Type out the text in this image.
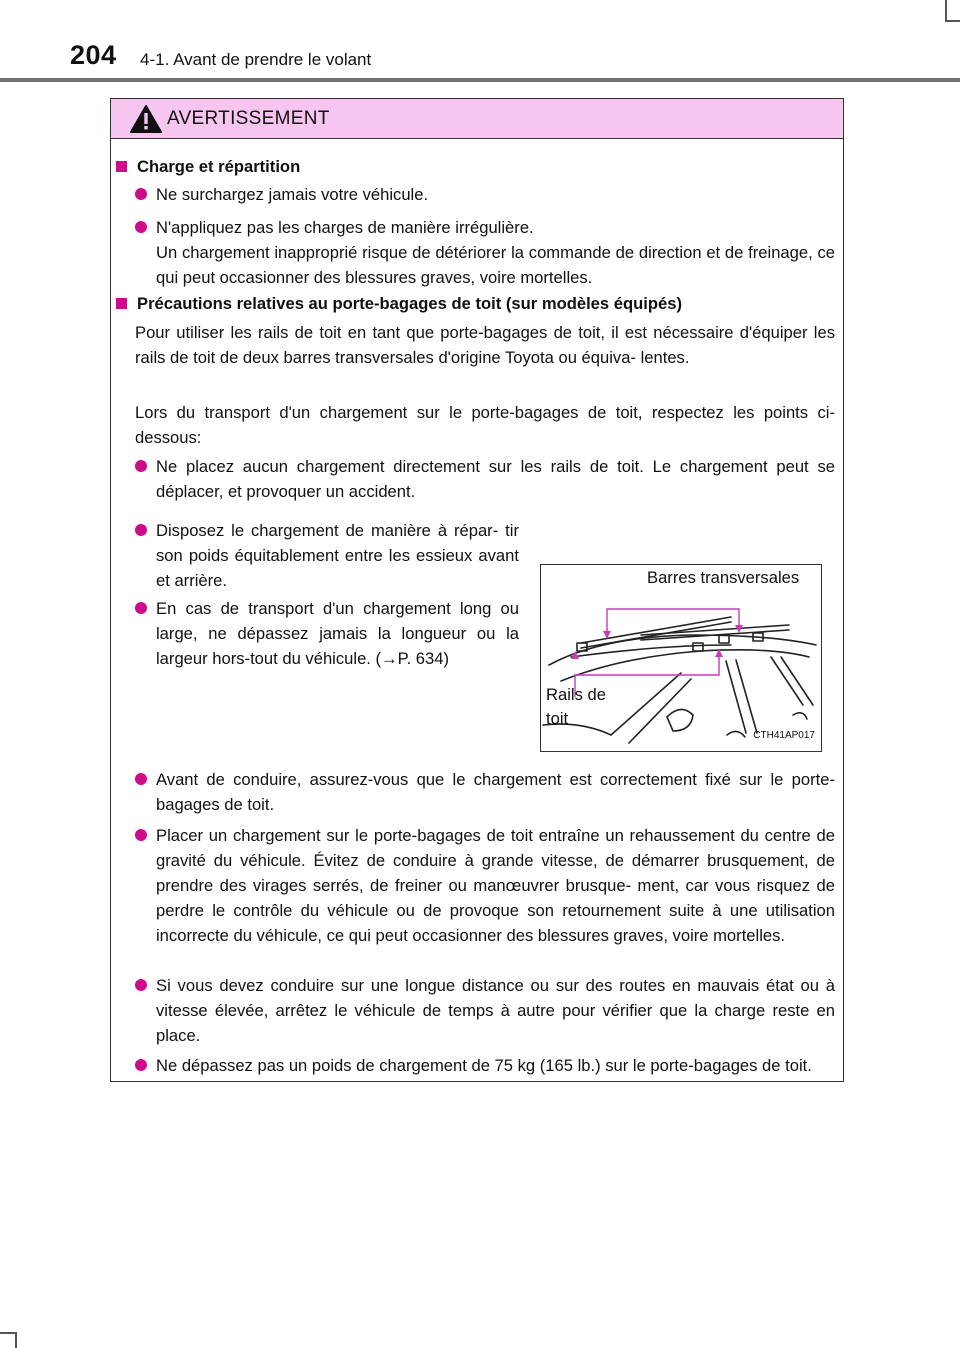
204 4-1. Avant de prendre le volant
AVERTISSEMENT
Charge et répartition
Ne surchargez jamais votre véhicule.
N'appliquez pas les charges de manière irrégulière.
Un chargement inapproprié risque de détériorer la commande de direction et de freinage, ce qui peut occasionner des blessures graves, voire mortelles.
Précautions relatives au porte-bagages de toit (sur modèles équipés)
Pour utiliser les rails de toit en tant que porte-bagages de toit, il est nécessaire d'équiper les rails de toit de deux barres transversales d'origine Toyota ou équiva- lentes.
Lors du transport d'un chargement sur le porte-bagages de toit, respectez les points ci-dessous:
Ne placez aucun chargement directement sur les rails de toit. Le chargement peut se déplacer, et provoquer un accident.
Disposez le chargement de manière à répar- tir son poids équitablement entre les essieux avant et arrière.
En cas de transport d'un chargement long ou large, ne dépassez jamais la longueur ou la largeur hors-tout du véhicule. (→P. 634)
Barres transversales
Rails de
toit
CTH41AP017
Avant de conduire, assurez-vous que le chargement est correctement fixé sur le porte-bagages de toit.
Placer un chargement sur le porte-bagages de toit entraîne un rehaussement du centre de gravité du véhicule. Évitez de conduire à grande vitesse, de démarrer brusquement, de prendre des virages serrés, de freiner ou manœuvrer brusque- ment, car vous risquez de perdre le contrôle du véhicule ou de provoque son retournement suite à une utilisation incorrecte du véhicule, ce qui peut occasionner des blessures graves, voire mortelles.
Si vous devez conduire sur une longue distance ou sur des routes en mauvais état ou à vitesse élevée, arrêtez le véhicule de temps à autre pour vérifier que la charge reste en place.
Ne dépassez pas un poids de chargement de 75 kg (165 lb.) sur le porte-bagages de toit.
